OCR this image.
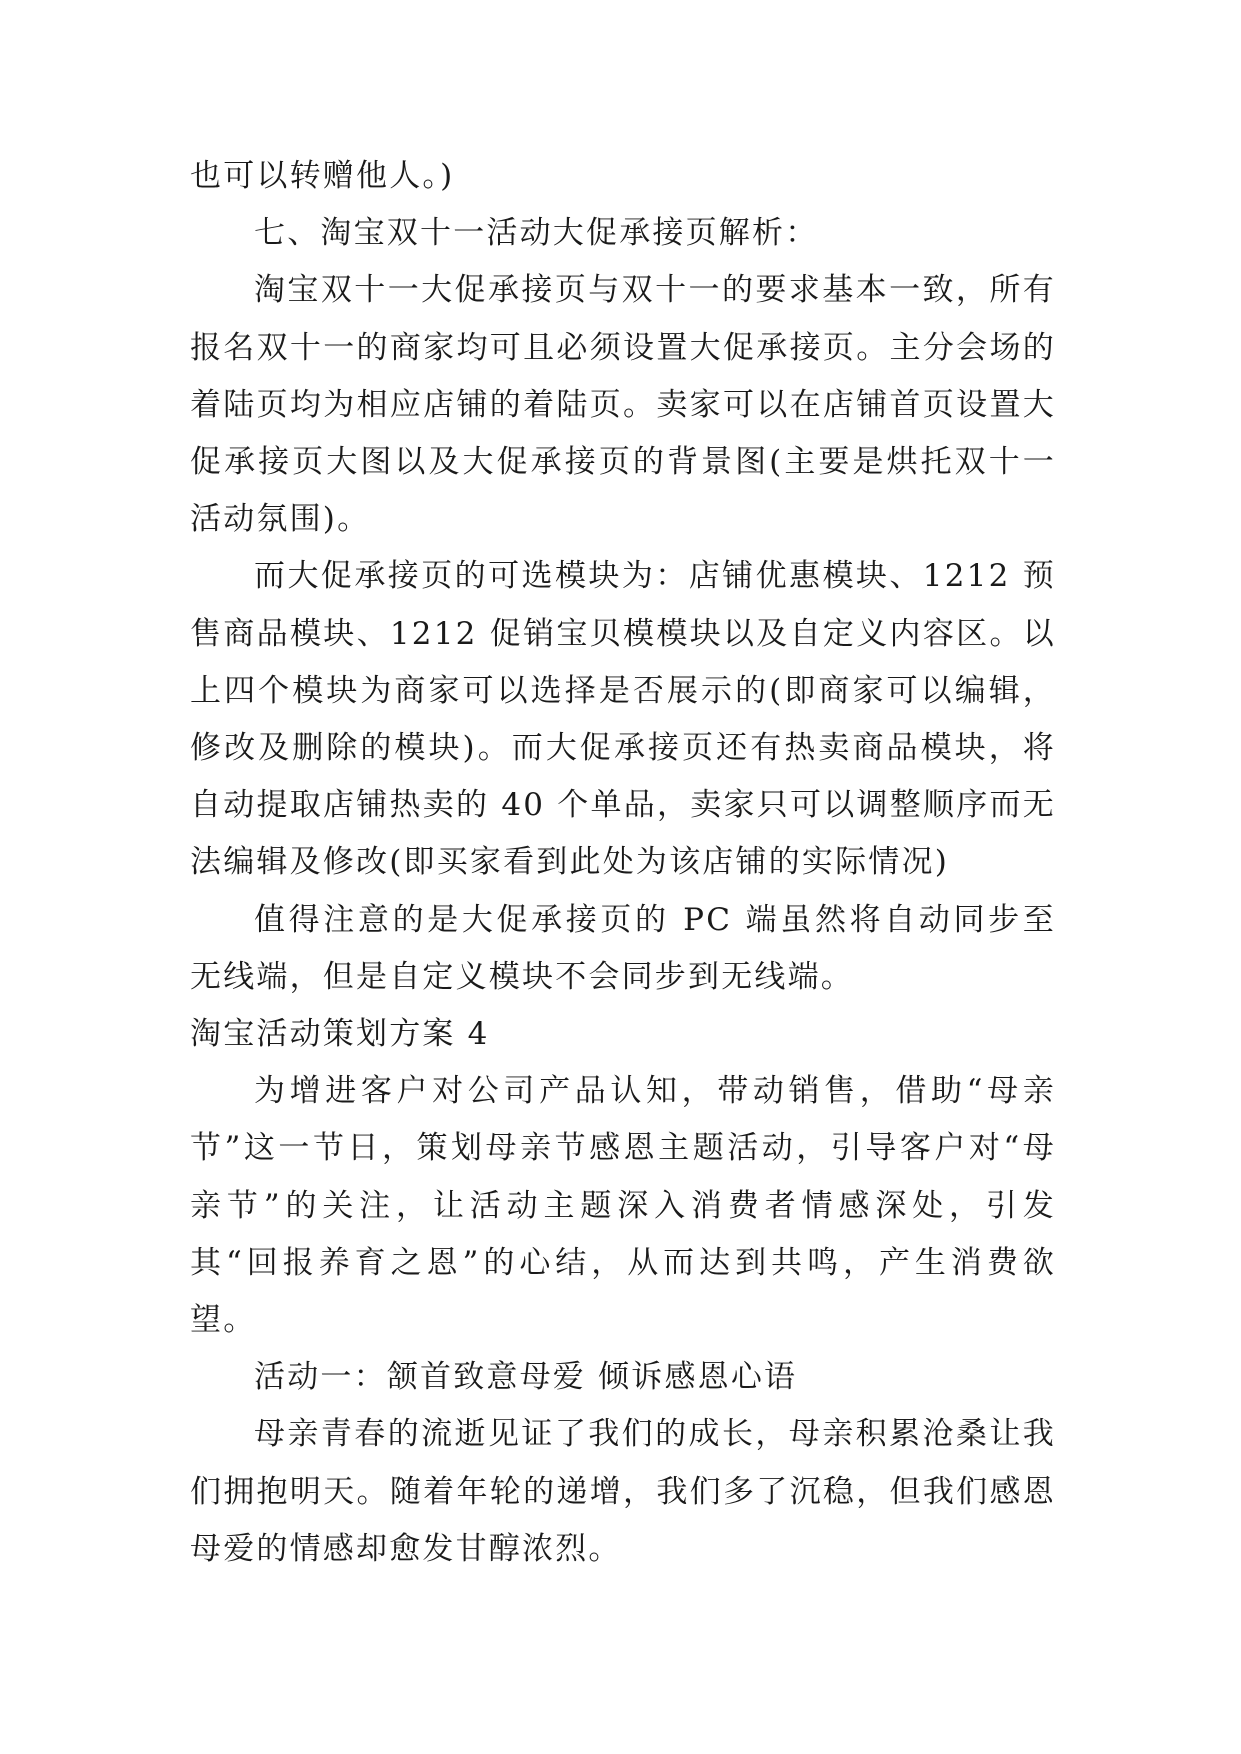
也可以转赠他人。)

七、淘宝双十一活动大促承接页解析：

淘宝双十一大促承接页与双十一的要求基本一致，所有报名双十一的商家均可且必须设置大促承接页。主分会场的着陆页均为相应店铺的着陆页。卖家可以在店铺首页设置大促承接页大图以及大促承接页的背景图(主要是烘托双十一活动氛围)。

而大促承接页的可选模块为：店铺优惠模块、1212 预售商品模块、1212 促销宝贝模模块以及自定义内容区。以上四个模块为商家可以选择是否展示的(即商家可以编辑，修改及删除的模块)。而大促承接页还有热卖商品模块，将自动提取店铺热卖的 40 个单品，卖家只可以调整顺序而无法编辑及修改(即买家看到此处为该店铺的实际情况)

值得注意的是大促承接页的 PC 端虽然将自动同步至无线端，但是自定义模块不会同步到无线端。

淘宝活动策划方案 4

为增进客户对公司产品认知，带动销售，借助“母亲节”这一节日，策划母亲节感恩主题活动，引导客户对“母亲节”的关注，让活动主题深入消费者情感深处，引发其“回报养育之恩”的心结，从而达到共鸣，产生消费欲望。

活动一：颔首致意母爱 倾诉感恩心语

母亲青春的流逝见证了我们的成长，母亲积累沧桑让我们拥抱明天。随着年轮的递增，我们多了沉稳，但我们感恩母爱的情感却愈发甘醇浓烈。
